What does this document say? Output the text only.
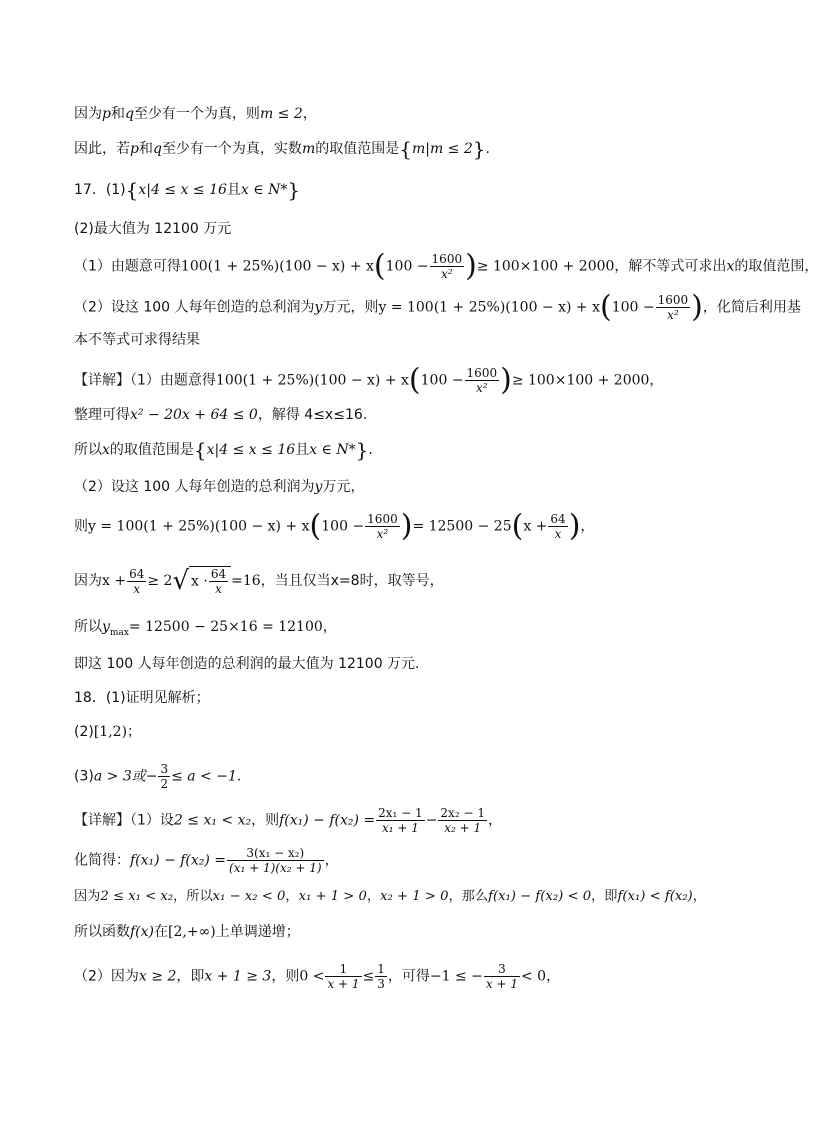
因为p和q至少有一个为真，则m ≤ 2，
因此，若p和q至少有一个为真，实数m的取值范围是{m|m ≤ 2}.
17．(1){x|4 ≤ x ≤ 16且x ∈ N*}
(2)最大值为 12100 万元
（1）由题意可得$100(1 + 25\%)(100 - x) + x(100 - \frac{1600}{\text{x²}}$ )≥ 100×100 + 2000，解不等式可求出x的取值范围，
（2）设这 100 人每年创造的总利润为y万元，则$y = 100(1 + 25\%)(100 - x) + x(100 - \frac{1600}{\text{x²}}$ )，化简后利用基
本不等式可求得结果
【详解】（1）由题意得$100(1 + 25\%)(100 - x) + x(100 - \frac{1600}{\text{x²}}$ )≥ 100×100 + 2000，
整理可得x² − 20x + 64 ≤ 0，解得 4≤x≤16.
所以x的取值范围是{x|4 ≤ x ≤ 16且x ∈ N*}.
（2）设这 100 人每年创造的总利润为y万元，
则$y = 100(1 + 25\%)(100 - x) + x(100 - \frac{1600}{\text{x²}}$ )= $12500 - 25(x + \frac{64}{x}$ )，
因为$x + \frac{64}{x} \ge 2√$ $x \cdot \frac{64}{x} =16$，当且仅当x=8时，取等号，
所以$y_{max}= 12500 - 25\times 16 = 12100$，
即这 100 人每年创造的总利润的最大值为 12100 万元.
18．(1)证明见解析；
(2)[1,2)；
(3)a > 3或− $\frac{3}{2} \le a < -1$.
【详解】（1）设2 ≤ x₁ < x₂，则$f(x_1) - f(x_2) = \frac{\text{2x₁ − 1}}{\text{x₁ + 1}} - \frac{\text{2x₂ − 1}}{\text{x₂ + 1}}$ ，
化简得：$f(x_1) - f(x_2) = \frac{\text{3(x₁ − x₂)}}{\text{(x₁ + 1)(x₂ + 1)}}$ ，
因为2 ≤ x₁ < x₂，所以x₁ − x₂ < 0，x₁ + 1 > 0，x₂ + 1 > 0，那么f(x₁) − f(x₂) < 0，即f(x₁) < f(x₂)，
所以函数f(x)在[2,+∞)上单调递增；
（2）因为x ≥ 2，即x + 1 ≥ 3，则$0 < \frac{1}{x + 1} \le \frac{1}{3}$ ，可得−1 ≤ − $\frac{3}{x + 1} < 0$，
